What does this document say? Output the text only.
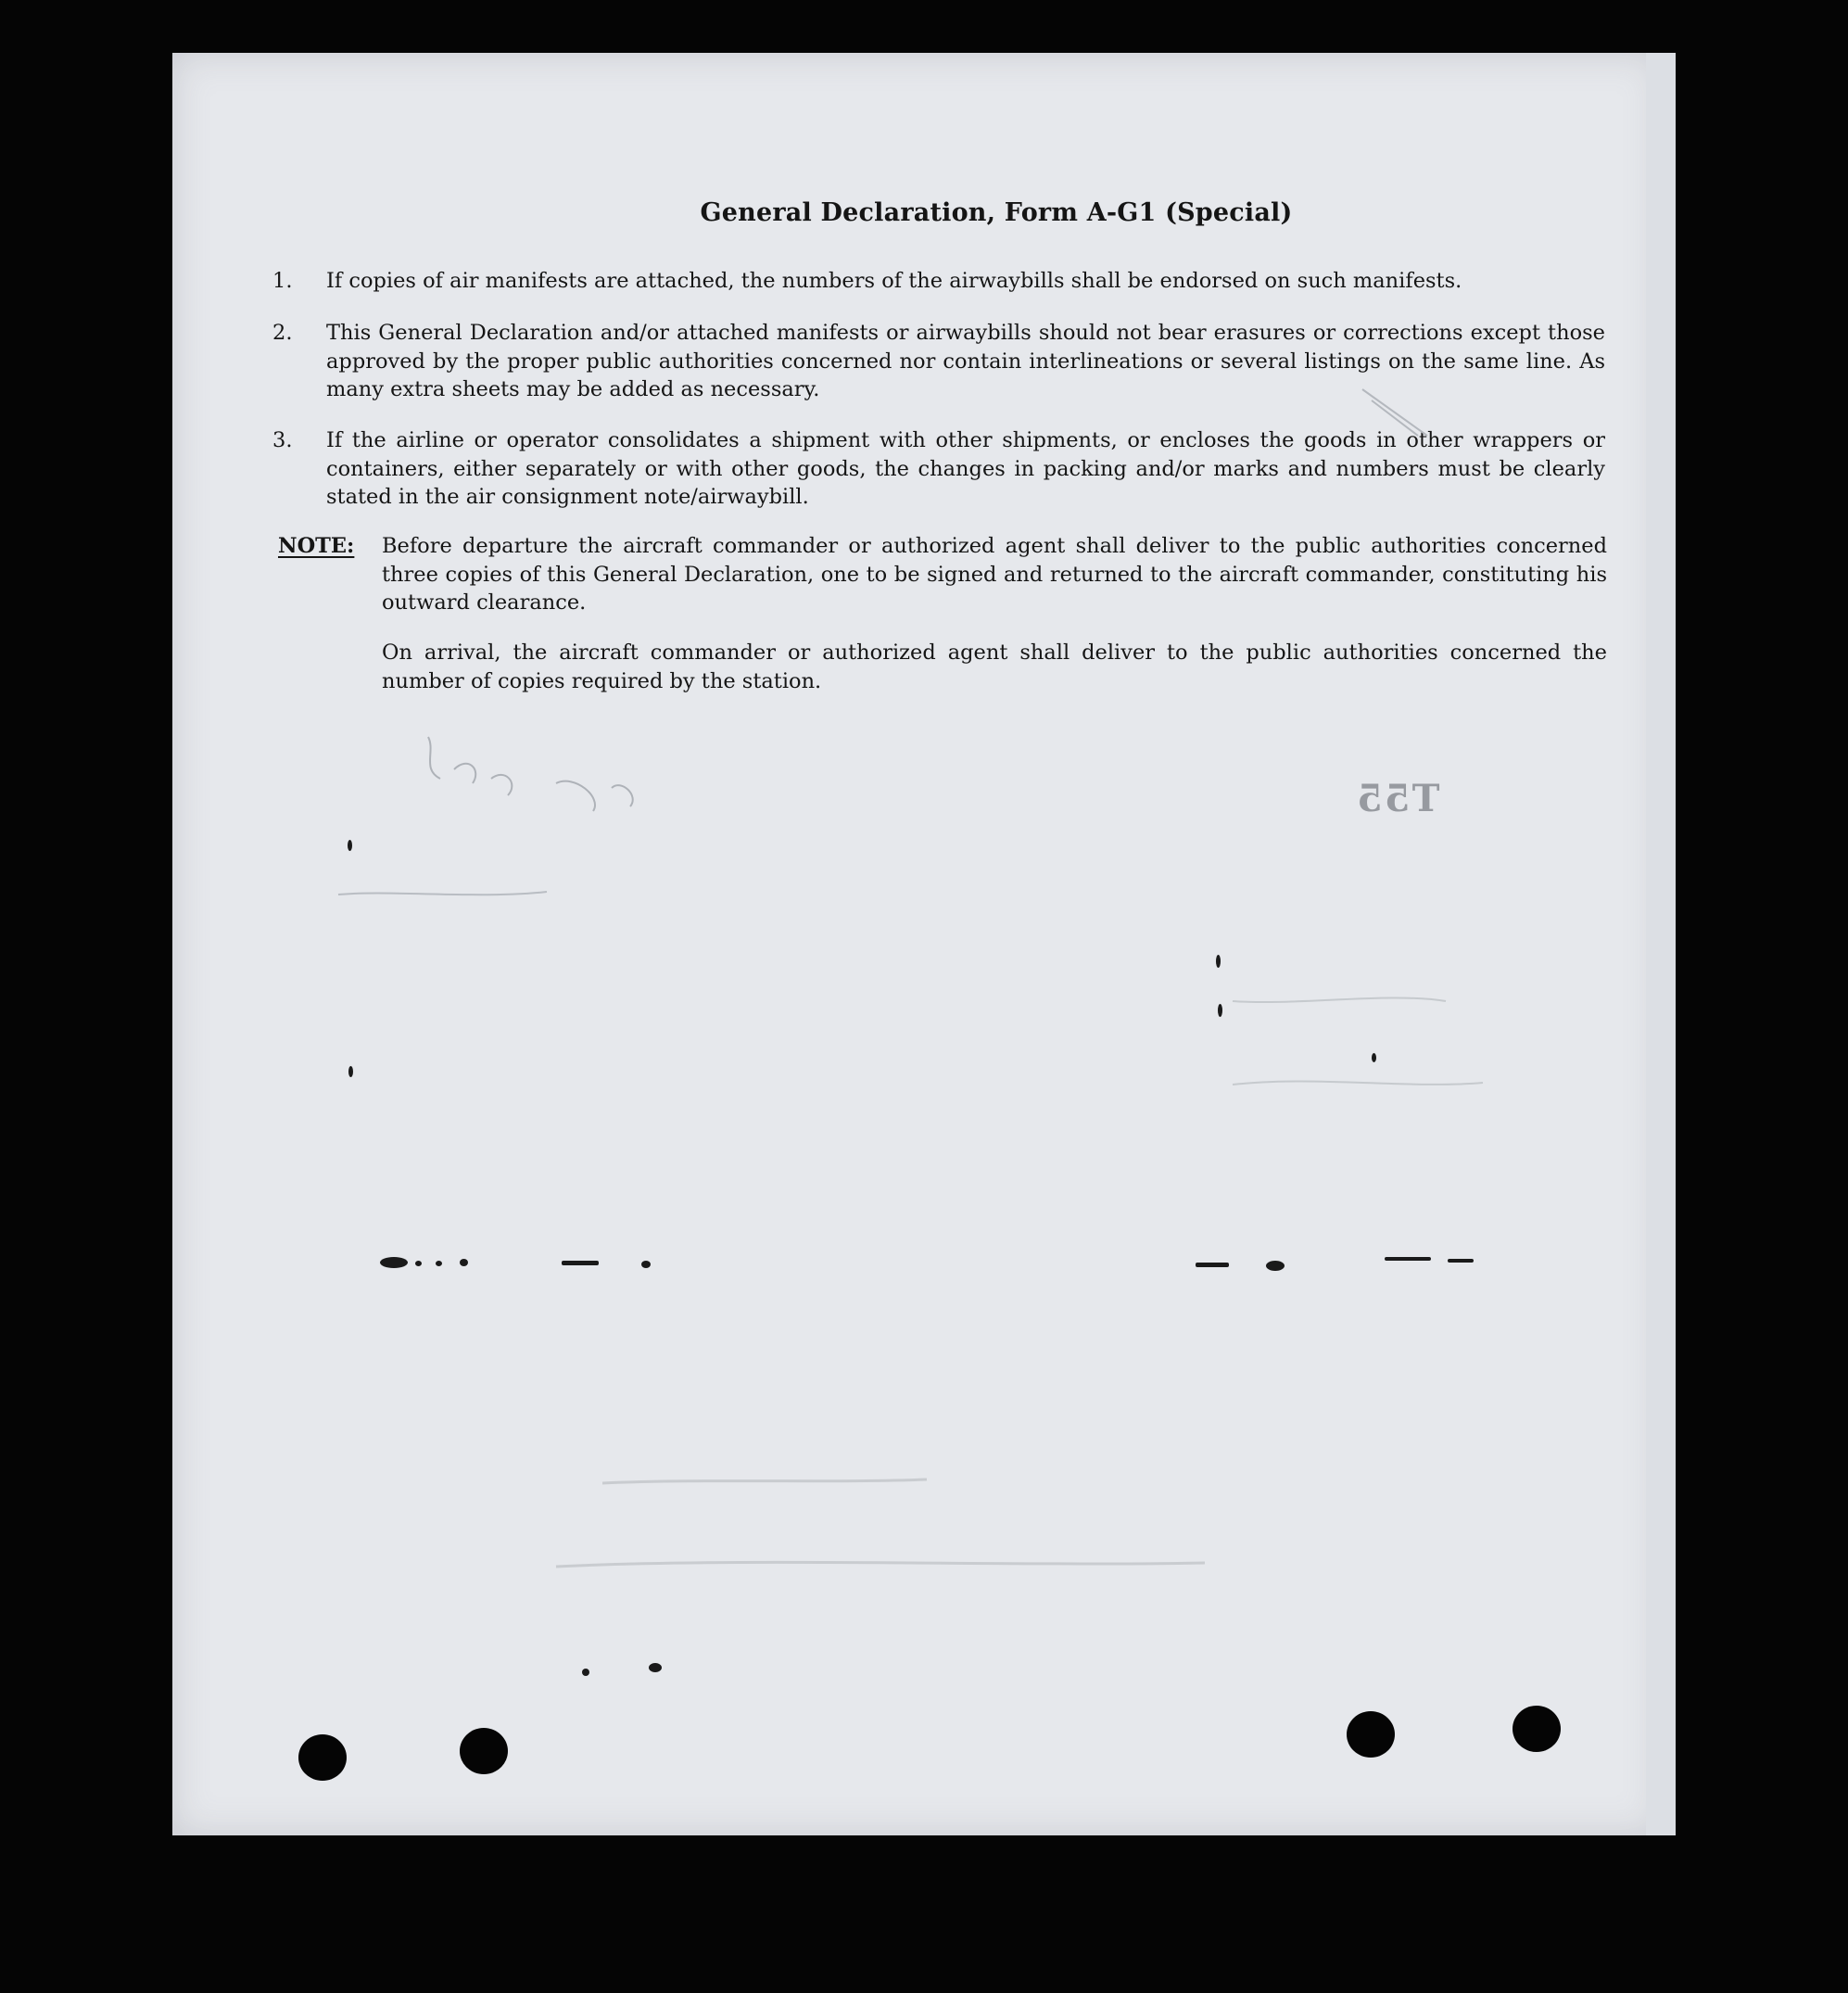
General Declaration, Form A-G1 (Special)
1.	If copies of air manifests are attached, the numbers of the airwaybills shall be endorsed on such manifests.
2.	This General Declaration and/or attached manifests or airwaybills should not bear erasures or corrections except those approved by the proper public authorities concerned nor contain interlineations or several listings on the same line. As many extra sheets may be added as necessary.
3.	If the airline or operator consolidates a shipment with other shipments, or encloses the goods in other wrappers or containers, either separately or with other goods, the changes in packing and/or marks and numbers must be clearly stated in the air consignment note/airwaybill.
NOTE: Before departure the aircraft commander or authorized agent shall deliver to the public authorities concerned three copies of this General Declaration, one to be signed and returned to the aircraft commander, constituting his outward clearance.
On arrival, the aircraft commander or authorized agent shall deliver to the public authorities concerned the number of copies required by the station.
T55
